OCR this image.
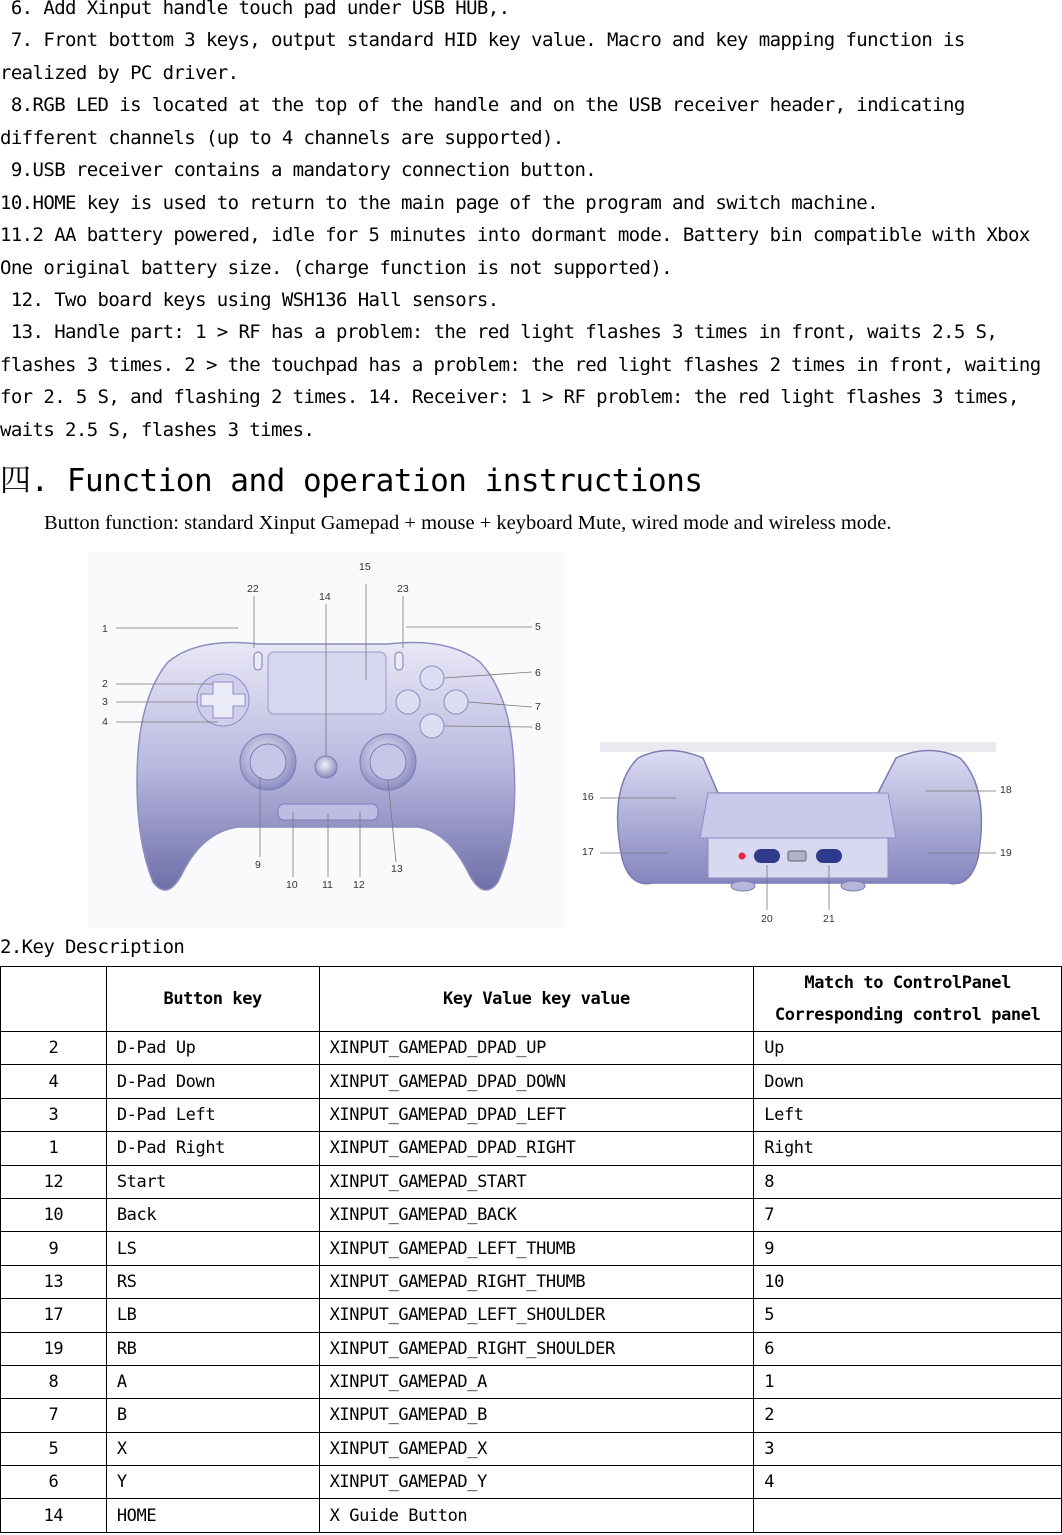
6. Add Xinput handle touch pad under USB HUB,.
7. Front bottom 3 keys, output standard HID key value. Macro and key mapping function is realized by PC driver.
8.RGB LED is located at the top of the handle and on the USB receiver header, indicating different channels (up to 4 channels are supported).
9.USB receiver contains a mandatory connection button.
10.HOME key is used to return to the main page of the program and switch machine.
11.2 AA battery powered, idle for 5 minutes into dormant mode. Battery bin compatible with Xbox One original battery size. (charge function is not supported).
12. Two board keys using WSH136 Hall sensors.
13. Handle part: 1 > RF has a problem: the red light flashes 3 times in front, waits 2.5 S, flashes 3 times. 2 > the touchpad has a problem: the red light flashes 2 times in front, waiting for 2. 5 S, and flashing 2 times. 14. Receiver: 1 > RF problem: the red light flashes 3 times, waits 2.5 S, flashes 3 times.
四. Function and operation instructions
Button function: standard Xinput Gamepad + mouse + keyboard Mute, wired mode and wireless mode.
1
2
3
4
5
6
7
8
9
10 11 12
13
14
15
22	23
16
17
18
19
20	21
2.Key Description
	Button key	Key Value key value	Match to ControlPanel
Corresponding control panel
2	D-Pad Up	XINPUT_GAMEPAD_DPAD_UP	Up
4	D-Pad Down	XINPUT_GAMEPAD_DPAD_DOWN	Down
3	D-Pad Left	XINPUT_GAMEPAD_DPAD_LEFT	Left
1	D-Pad Right	XINPUT_GAMEPAD_DPAD_RIGHT	Right
12	Start	XINPUT_GAMEPAD_START	8
10	Back	XINPUT_GAMEPAD_BACK	7
9	LS	XINPUT_GAMEPAD_LEFT_THUMB	9
13	RS	XINPUT_GAMEPAD_RIGHT_THUMB	10
17	LB	XINPUT_GAMEPAD_LEFT_SHOULDER	5
19	RB	XINPUT_GAMEPAD_RIGHT_SHOULDER	6
8	A	XINPUT_GAMEPAD_A	1
7	B	XINPUT_GAMEPAD_B	2
5	X	XINPUT_GAMEPAD_X	3
6	Y	XINPUT_GAMEPAD_Y	4
14	HOME	X Guide Button	
